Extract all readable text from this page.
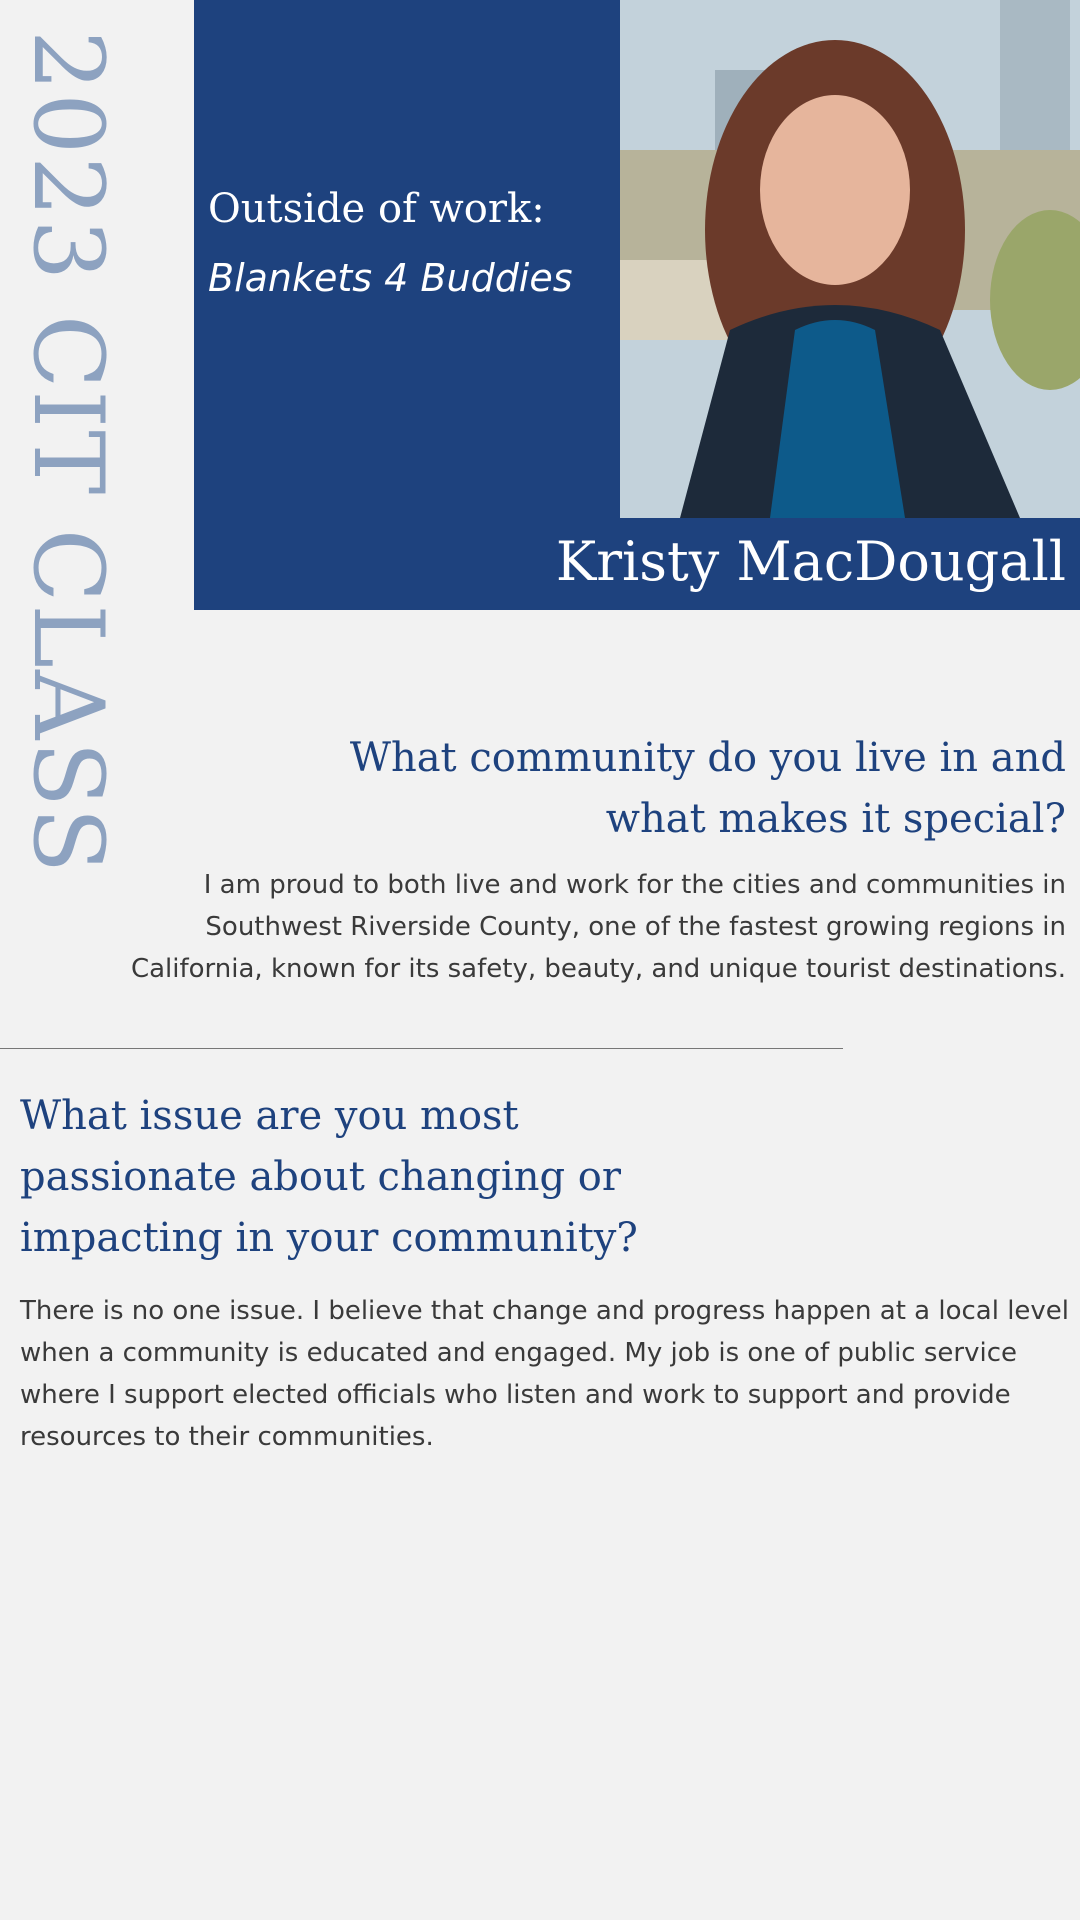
2023 CIT CLASS Outside of work:
Blankets 4 Buddies
Kristy MacDougall
What community do you live in and what makes it special?
I am proud to both live and work for the cities and communities in Southwest Riverside County, one of the fastest growing regions in California, known for its safety, beauty, and unique tourist destinations.
What issue are you most passionate about changing or impacting in your community?
There is no one issue. I believe that change and progress happen at a local level when a community is educated and engaged. My job is one of public service where I support elected officials who listen and work to support and provide resources to their communities.
